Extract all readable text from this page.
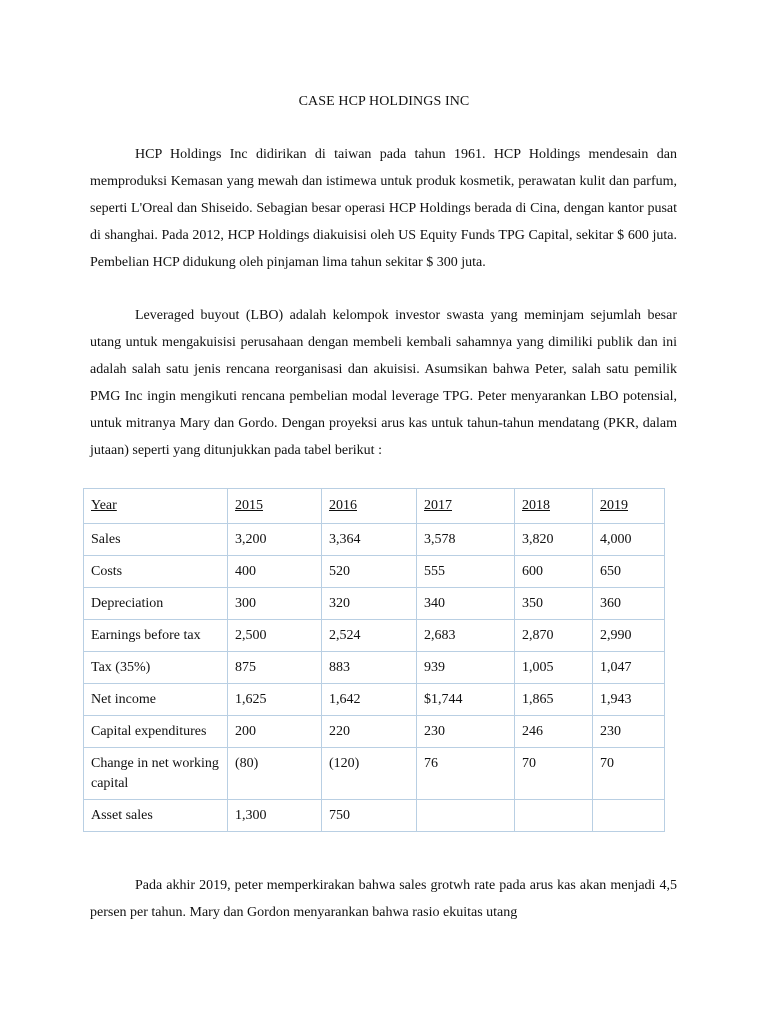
CASE HCP HOLDINGS INC

HCP Holdings Inc didirikan di taiwan pada tahun 1961. HCP Holdings mendesain dan memproduksi Kemasan yang mewah dan istimewa untuk produk kosmetik, perawatan kulit dan parfum, seperti L'Oreal dan Shiseido. Sebagian besar operasi HCP Holdings berada di Cina, dengan kantor pusat di shanghai. Pada 2012, HCP Holdings diakuisisi oleh US Equity Funds TPG Capital, sekitar $ 600 juta. Pembelian HCP didukung oleh pinjaman lima tahun sekitar $ 300 juta.

Leveraged buyout (LBO) adalah kelompok investor swasta yang meminjam sejumlah besar utang untuk mengakuisisi perusahaan dengan membeli kembali sahamnya yang dimiliki publik dan ini adalah salah satu jenis rencana reorganisasi dan akuisisi. Asumsikan bahwa Peter, salah satu pemilik PMG Inc ingin mengikuti rencana pembelian modal leverage TPG. Peter menyarankan LBO potensial, untuk mitranya Mary dan Gordo. Dengan proyeksi arus kas untuk tahun-tahun mendatang (PKR, dalam jutaan) seperti yang ditunjukkan pada tabel berikut :

Year	2015	2016	2017	2018	2019
Sales	3,200	3,364	3,578	3,820	4,000
Costs	400	520	555	600	650
Depreciation	300	320	340	350	360
Earnings before tax	2,500	2,524	2,683	2,870	2,990
Tax (35%)	875	883	939	1,005	1,047
Net income	1,625	1,642	$1,744	1,865	1,943
Capital expenditures	200	220	230	246	230
Change in net working capital	(80)	(120)	76	70	70
Asset sales	1,300	750			

Pada akhir 2019, peter memperkirakan bahwa sales grotwh rate pada arus kas akan menjadi 4,5 persen per tahun. Mary dan Gordon menyarankan bahwa rasio ekuitas utang
